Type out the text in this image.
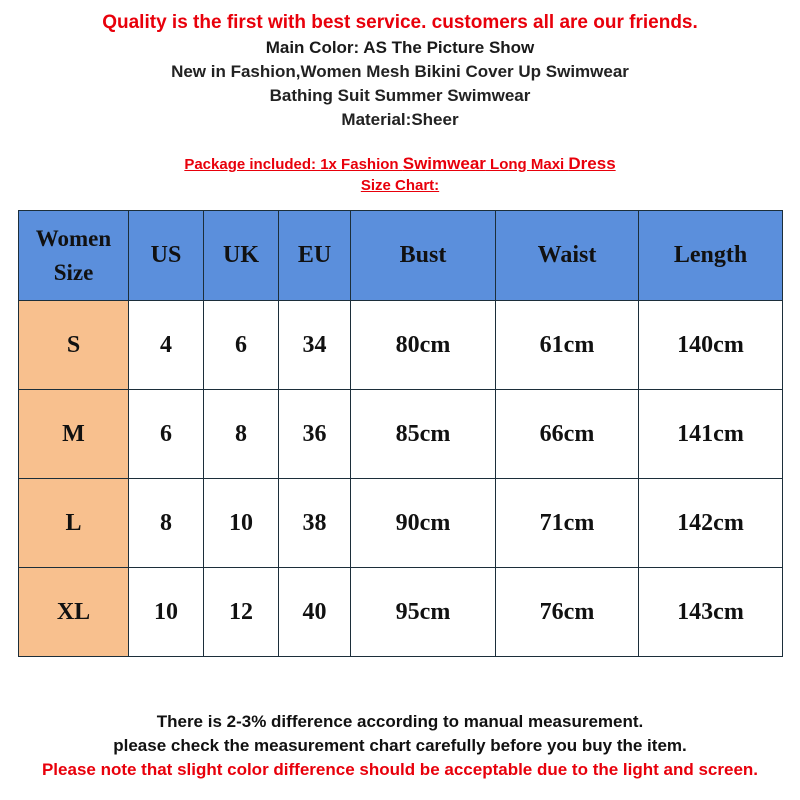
Quality is the first with best service. customers all are our friends.
Main Color: AS The Picture Show
New in Fashion,Women Mesh Bikini Cover Up Swimwear
Bathing Suit Summer Swimwear
Material:Sheer
Package included: 1x Fashion Swimwear Long Maxi Dress
Size Chart:
Women
Size	US	UK	EU	Bust	Waist	Length
S	4	6	34	80cm	61cm	140cm
M	6	8	36	85cm	66cm	141cm
L	8	10	38	90cm	71cm	142cm
XL	10	12	40	95cm	76cm	143cm
There is 2-3% difference according to manual measurement.
please check the measurement chart carefully before you buy the item.
Please note that slight color difference should be acceptable due to the light and screen.
